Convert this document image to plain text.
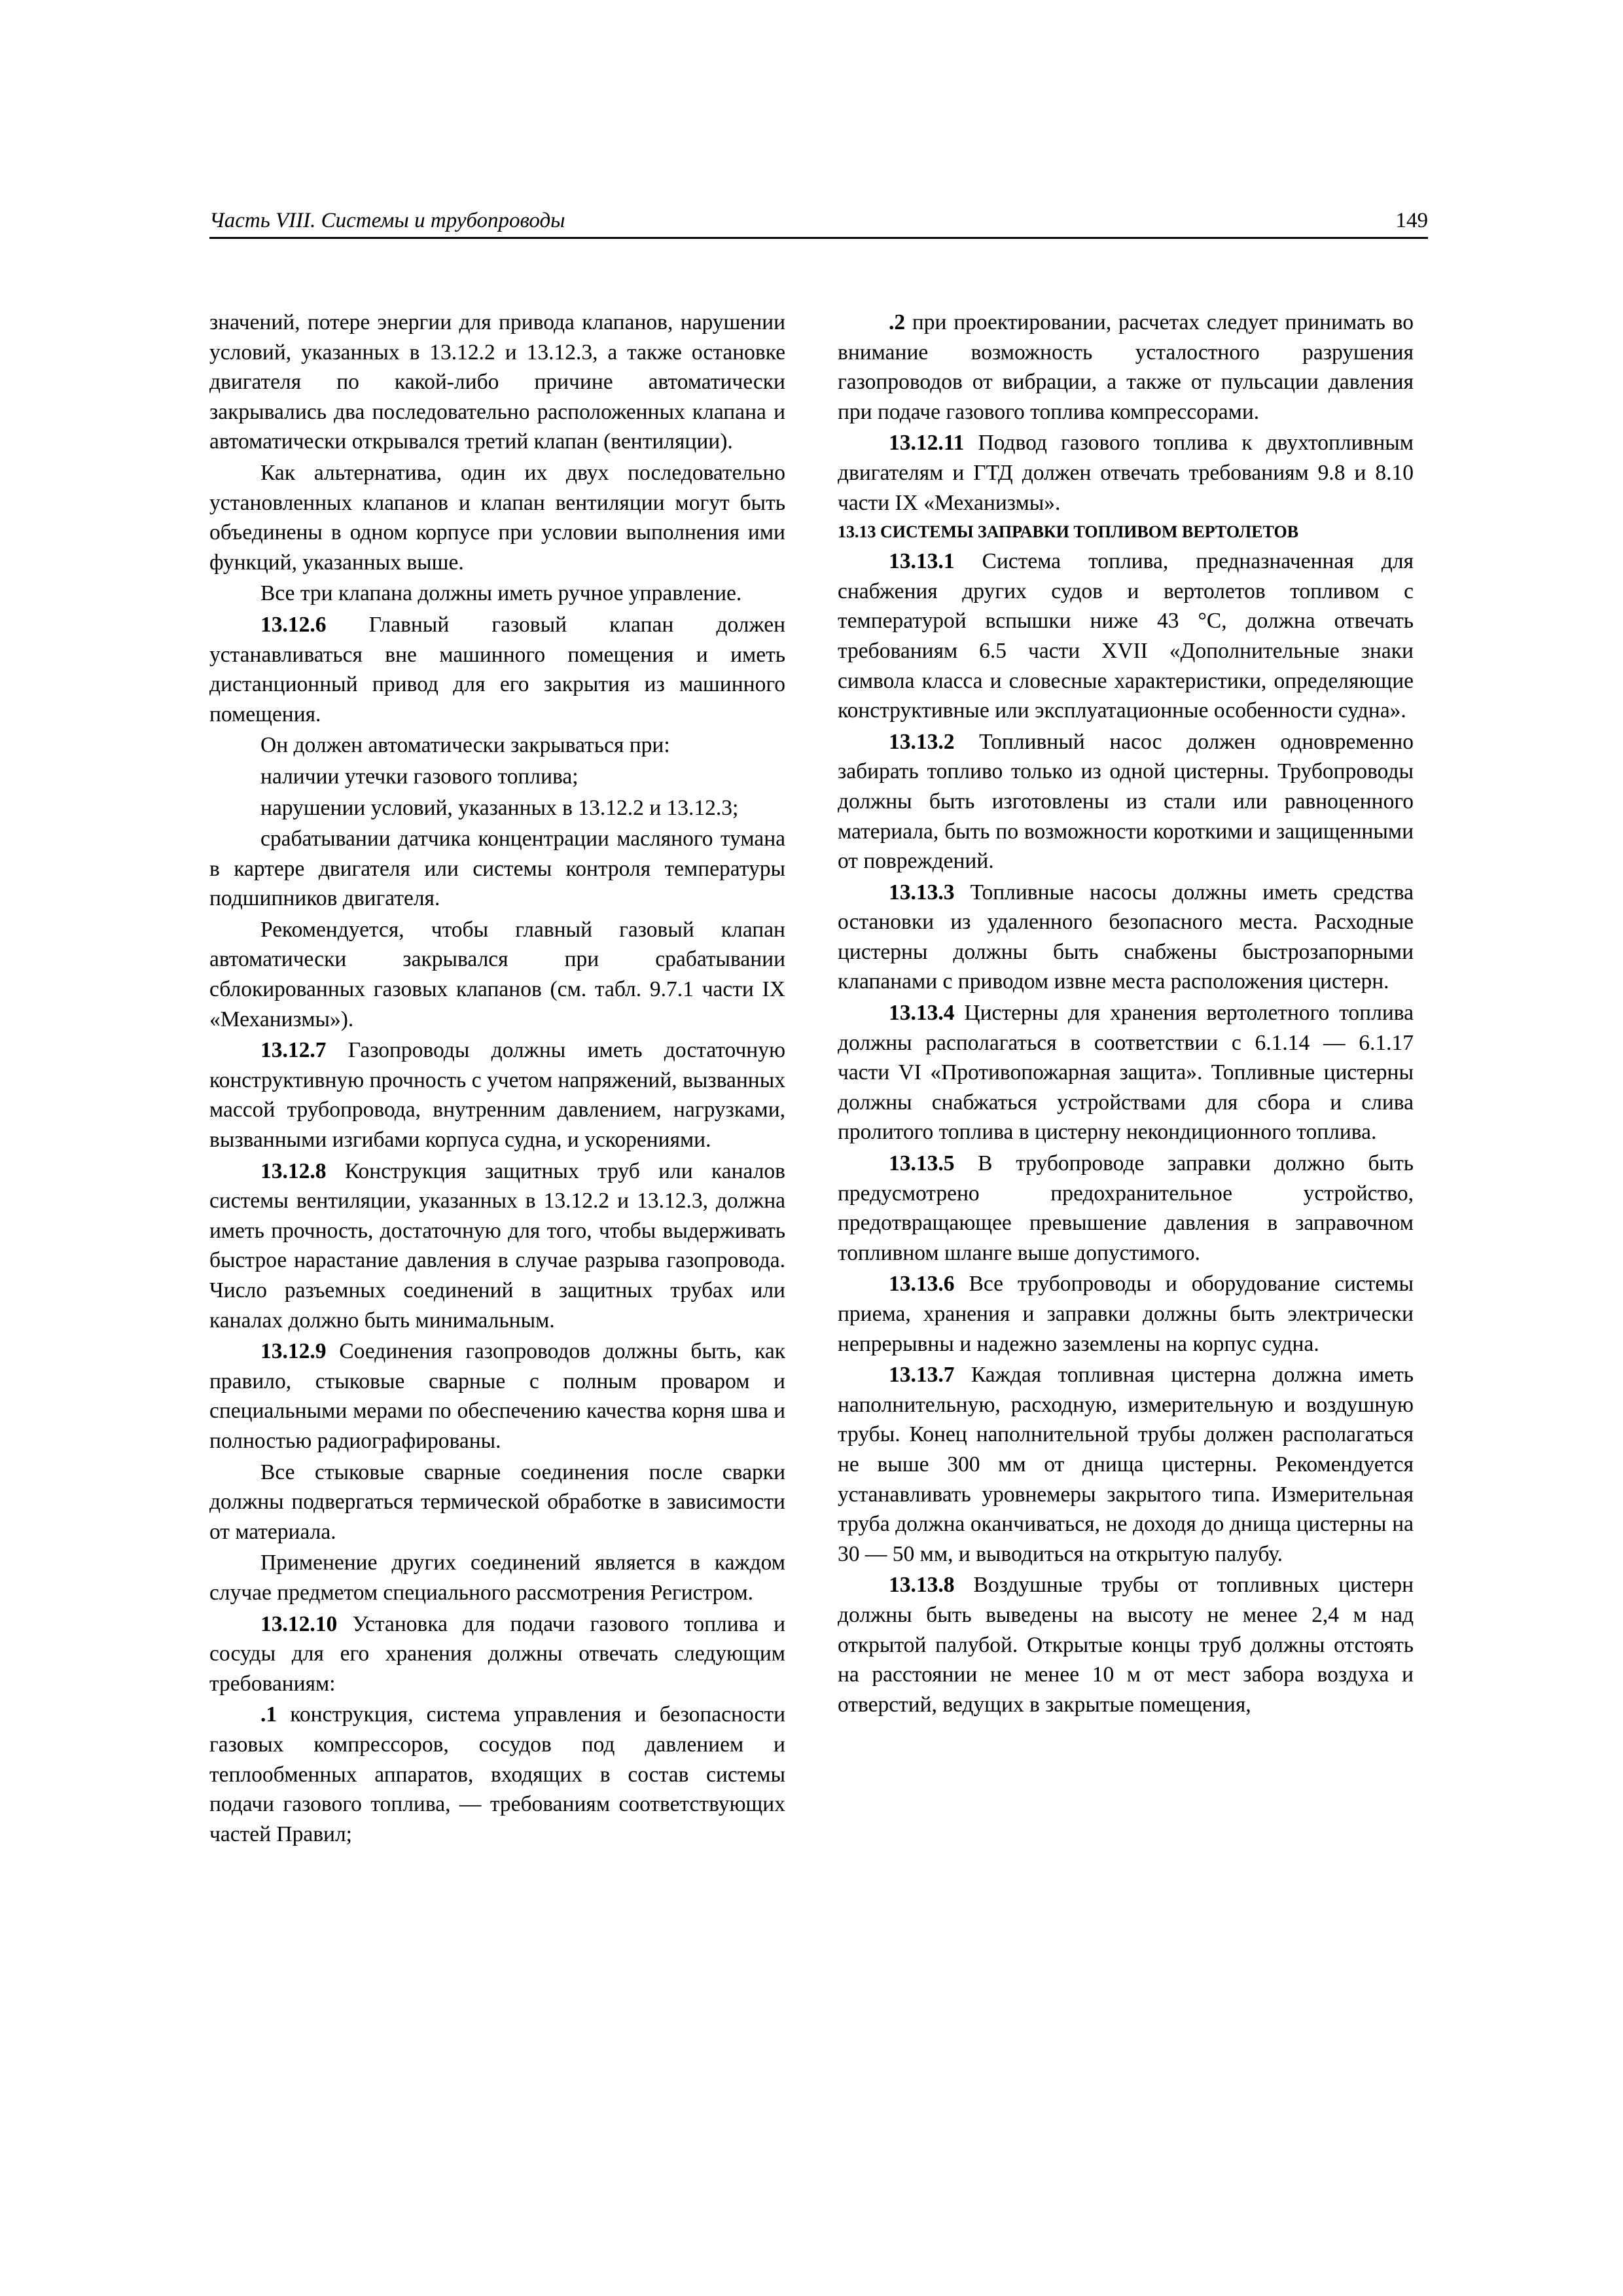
Часть VIII. Системы и трубопроводы	149

значений, потере энергии для привода клапанов, нарушении условий, указанных в 13.12.2 и 13.12.3, а также остановке двигателя по какой-либо причине автоматически закрывались два последовательно расположенных клапана и автоматически открывался третий клапан (вентиляции).

Как альтернатива, один их двух последовательно установленных клапанов и клапан вентиляции могут быть объединены в одном корпусе при условии выполнения ими функций, указанных выше.

Все три клапана должны иметь ручное управление.

13.12.6 Главный газовый клапан должен устанавливаться вне машинного помещения и иметь дистанционный привод для его закрытия из машинного помещения.

Он должен автоматически закрываться при:

наличии утечки газового топлива;

нарушении условий, указанных в 13.12.2 и 13.12.3;

срабатывании датчика концентрации масляного тумана в картере двигателя или системы контроля температуры подшипников двигателя.

Рекомендуется, чтобы главный газовый клапан автоматически закрывался при срабатывании сблокированных газовых клапанов (см. табл. 9.7.1 части IX «Механизмы»).

13.12.7 Газопроводы должны иметь достаточную конструктивную прочность с учетом напряжений, вызванных массой трубопровода, внутренним давлением, нагрузками, вызванными изгибами корпуса судна, и ускорениями.

13.12.8 Конструкция защитных труб или каналов системы вентиляции, указанных в 13.12.2 и 13.12.3, должна иметь прочность, достаточную для того, чтобы выдерживать быстрое нарастание давления в случае разрыва газопровода. Число разъемных соединений в защитных трубах или каналах должно быть минимальным.

13.12.9 Соединения газопроводов должны быть, как правило, стыковые сварные с полным проваром и специальными мерами по обеспечению качества корня шва и полностью радиографированы.

Все стыковые сварные соединения после сварки должны подвергаться термической обработке в зависимости от материала.

Применение других соединений является в каждом случае предметом специального рассмотрения Регистром.

13.12.10 Установка для подачи газового топлива и сосуды для его хранения должны отвечать следующим требованиям:

.1 конструкция, система управления и безопасности газовых компрессоров, сосудов под давлением и теплообменных аппаратов, входящих в состав системы подачи газового топлива, — требованиям соответствующих частей Правил;

.2 при проектировании, расчетах следует принимать во внимание возможность усталостного разрушения газопроводов от вибрации, а также от пульсации давления при подаче газового топлива компрессорами.

13.12.11 Подвод газового топлива к двухтопливным двигателям и ГТД должен отвечать требованиям 9.8 и 8.10 части IX «Механизмы».

13.13 СИСТЕМЫ ЗАПРАВКИ ТОПЛИВОМ ВЕРТОЛЕТОВ

13.13.1 Система топлива, предназначенная для снабжения других судов и вертолетов топливом с температурой вспышки ниже 43 °С, должна отвечать требованиям 6.5 части XVII «Дополнительные знаки символа класса и словесные характеристики, определяющие конструктивные или эксплуатационные особенности судна».

13.13.2 Топливный насос должен одновременно забирать топливо только из одной цистерны. Трубопроводы должны быть изготовлены из стали или равноценного материала, быть по возможности короткими и защищенными от повреждений.

13.13.3 Топливные насосы должны иметь средства остановки из удаленного безопасного места. Расходные цистерны должны быть снабжены быстрозапорными клапанами с приводом извне места расположения цистерн.

13.13.4 Цистерны для хранения вертолетного топлива должны располагаться в соответствии с 6.1.14 — 6.1.17 части VI «Противопожарная защита». Топливные цистерны должны снабжаться устройствами для сбора и слива пролитого топлива в цистерну некондиционного топлива.

13.13.5 В трубопроводе заправки должно быть предусмотрено предохранительное устройство, предотвращающее превышение давления в заправочном топливном шланге выше допустимого.

13.13.6 Все трубопроводы и оборудование системы приема, хранения и заправки должны быть электрически непрерывны и надежно заземлены на корпус судна.

13.13.7 Каждая топливная цистерна должна иметь наполнительную, расходную, измерительную и воздушную трубы. Конец наполнительной трубы должен располагаться не выше 300 мм от днища цистерны. Рекомендуется устанавливать уровнемеры закрытого типа. Измерительная труба должна оканчиваться, не доходя до днища цистерны на 30 — 50 мм, и выводиться на открытую палубу.

13.13.8 Воздушные трубы от топливных цистерн должны быть выведены на высоту не менее 2,4 м над открытой палубой. Открытые концы труб должны отстоять на расстоянии не менее 10 м от мест забора воздуха и отверстий, ведущих в закрытые помещения,
